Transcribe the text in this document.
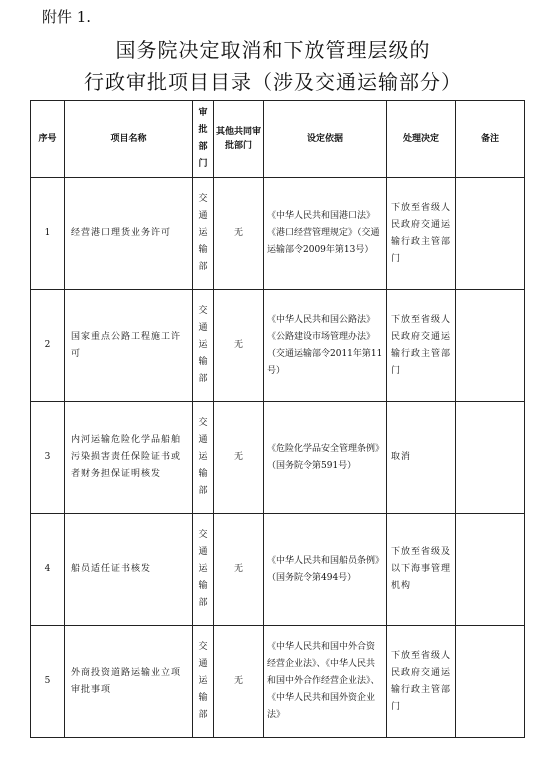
附件 1.
国务院决定取消和下放管理层级的
行政审批项目目录（涉及交通运输部分）
序号	项目名称	审批部门	其他共同审批部门	设定依据	处理决定	备注
1	经营港口理货业务许可	交通运输部	无	《中华人民共和国港口法》《港口经营管理规定》（交通运输部令2009年第13号）	下放至省级人民政府交通运输行政主管部门	
2	国家重点公路工程施工许可	交通运输部	无	《中华人民共和国公路法》《公路建设市场管理办法》（交通运输部令2011年第11号）	下放至省级人民政府交通运输行政主管部门	
3	内河运输危险化学品船舶污染损害责任保险证书或者财务担保证明核发	交通运输部	无	《危险化学品安全管理条例》（国务院令第591号）	取消	
4	船员适任证书核发	交通运输部	无	《中华人民共和国船员条例》（国务院令第494号）	下放至省级及以下海事管理机构	
5	外商投资道路运输业立项审批事项	交通运输部	无	《中华人民共和国中外合资经营企业法》、《中华人民共和国中外合作经营企业法》、《中华人民共和国外资企业法》	下放至省级人民政府交通运输行政主管部门	
